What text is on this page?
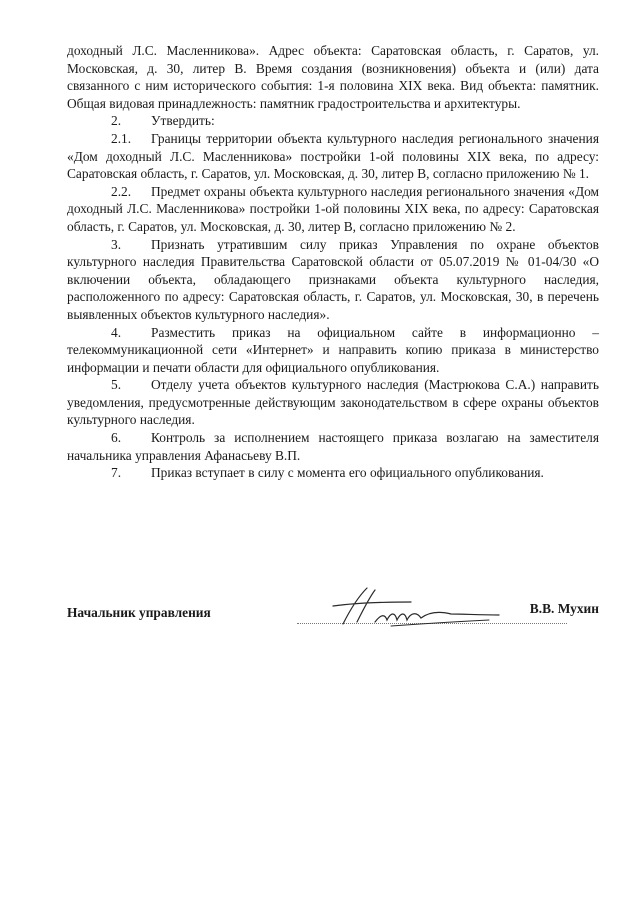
доходный Л.С. Масленникова». Адрес объекта: Саратовская область, г. Саратов, ул. Московская, д. 30, литер В. Время создания (возникновения) объекта и (или) дата связанного с ним исторического события: 1-я половина XIX века. Вид объекта: памятник. Общая видовая принадлежность: памятник градостроительства и архитектуры.

2. Утвердить:

2.1. Границы территории объекта культурного наследия регионального значения «Дом доходный Л.С. Масленникова» постройки 1-ой половины XIX века, по адресу: Саратовская область, г. Саратов, ул. Московская, д. 30, литер В, согласно приложению № 1.

2.2. Предмет охраны объекта культурного наследия регионального значения «Дом доходный Л.С. Масленникова» постройки 1-ой половины XIX века, по адресу: Саратовская область, г. Саратов, ул. Московская, д. 30, литер В, согласно приложению № 2.

3. Признать утратившим силу приказ Управления по охране объектов культурного наследия Правительства Саратовской области от 05.07.2019 № 01-04/30 «О включении объекта, обладающего признаками объекта культурного наследия, расположенного по адресу: Саратовская область, г. Саратов, ул. Московская, 30, в перечень выявленных объектов культурного наследия».

4. Разместить приказ на официальном сайте в информационно – телекоммуникационной сети «Интернет» и направить копию приказа в министерство информации и печати области для официального опубликования.

5. Отделу учета объектов культурного наследия (Мастрюкова С.А.) направить уведомления, предусмотренные действующим законодательством в сфере охраны объектов культурного наследия.

6. Контроль за исполнением настоящего приказа возлагаю на заместителя начальника управления Афанасьеву В.П.

7. Приказ вступает в силу с момента его официального опубликования.

Начальник управления	В.В. Мухин
